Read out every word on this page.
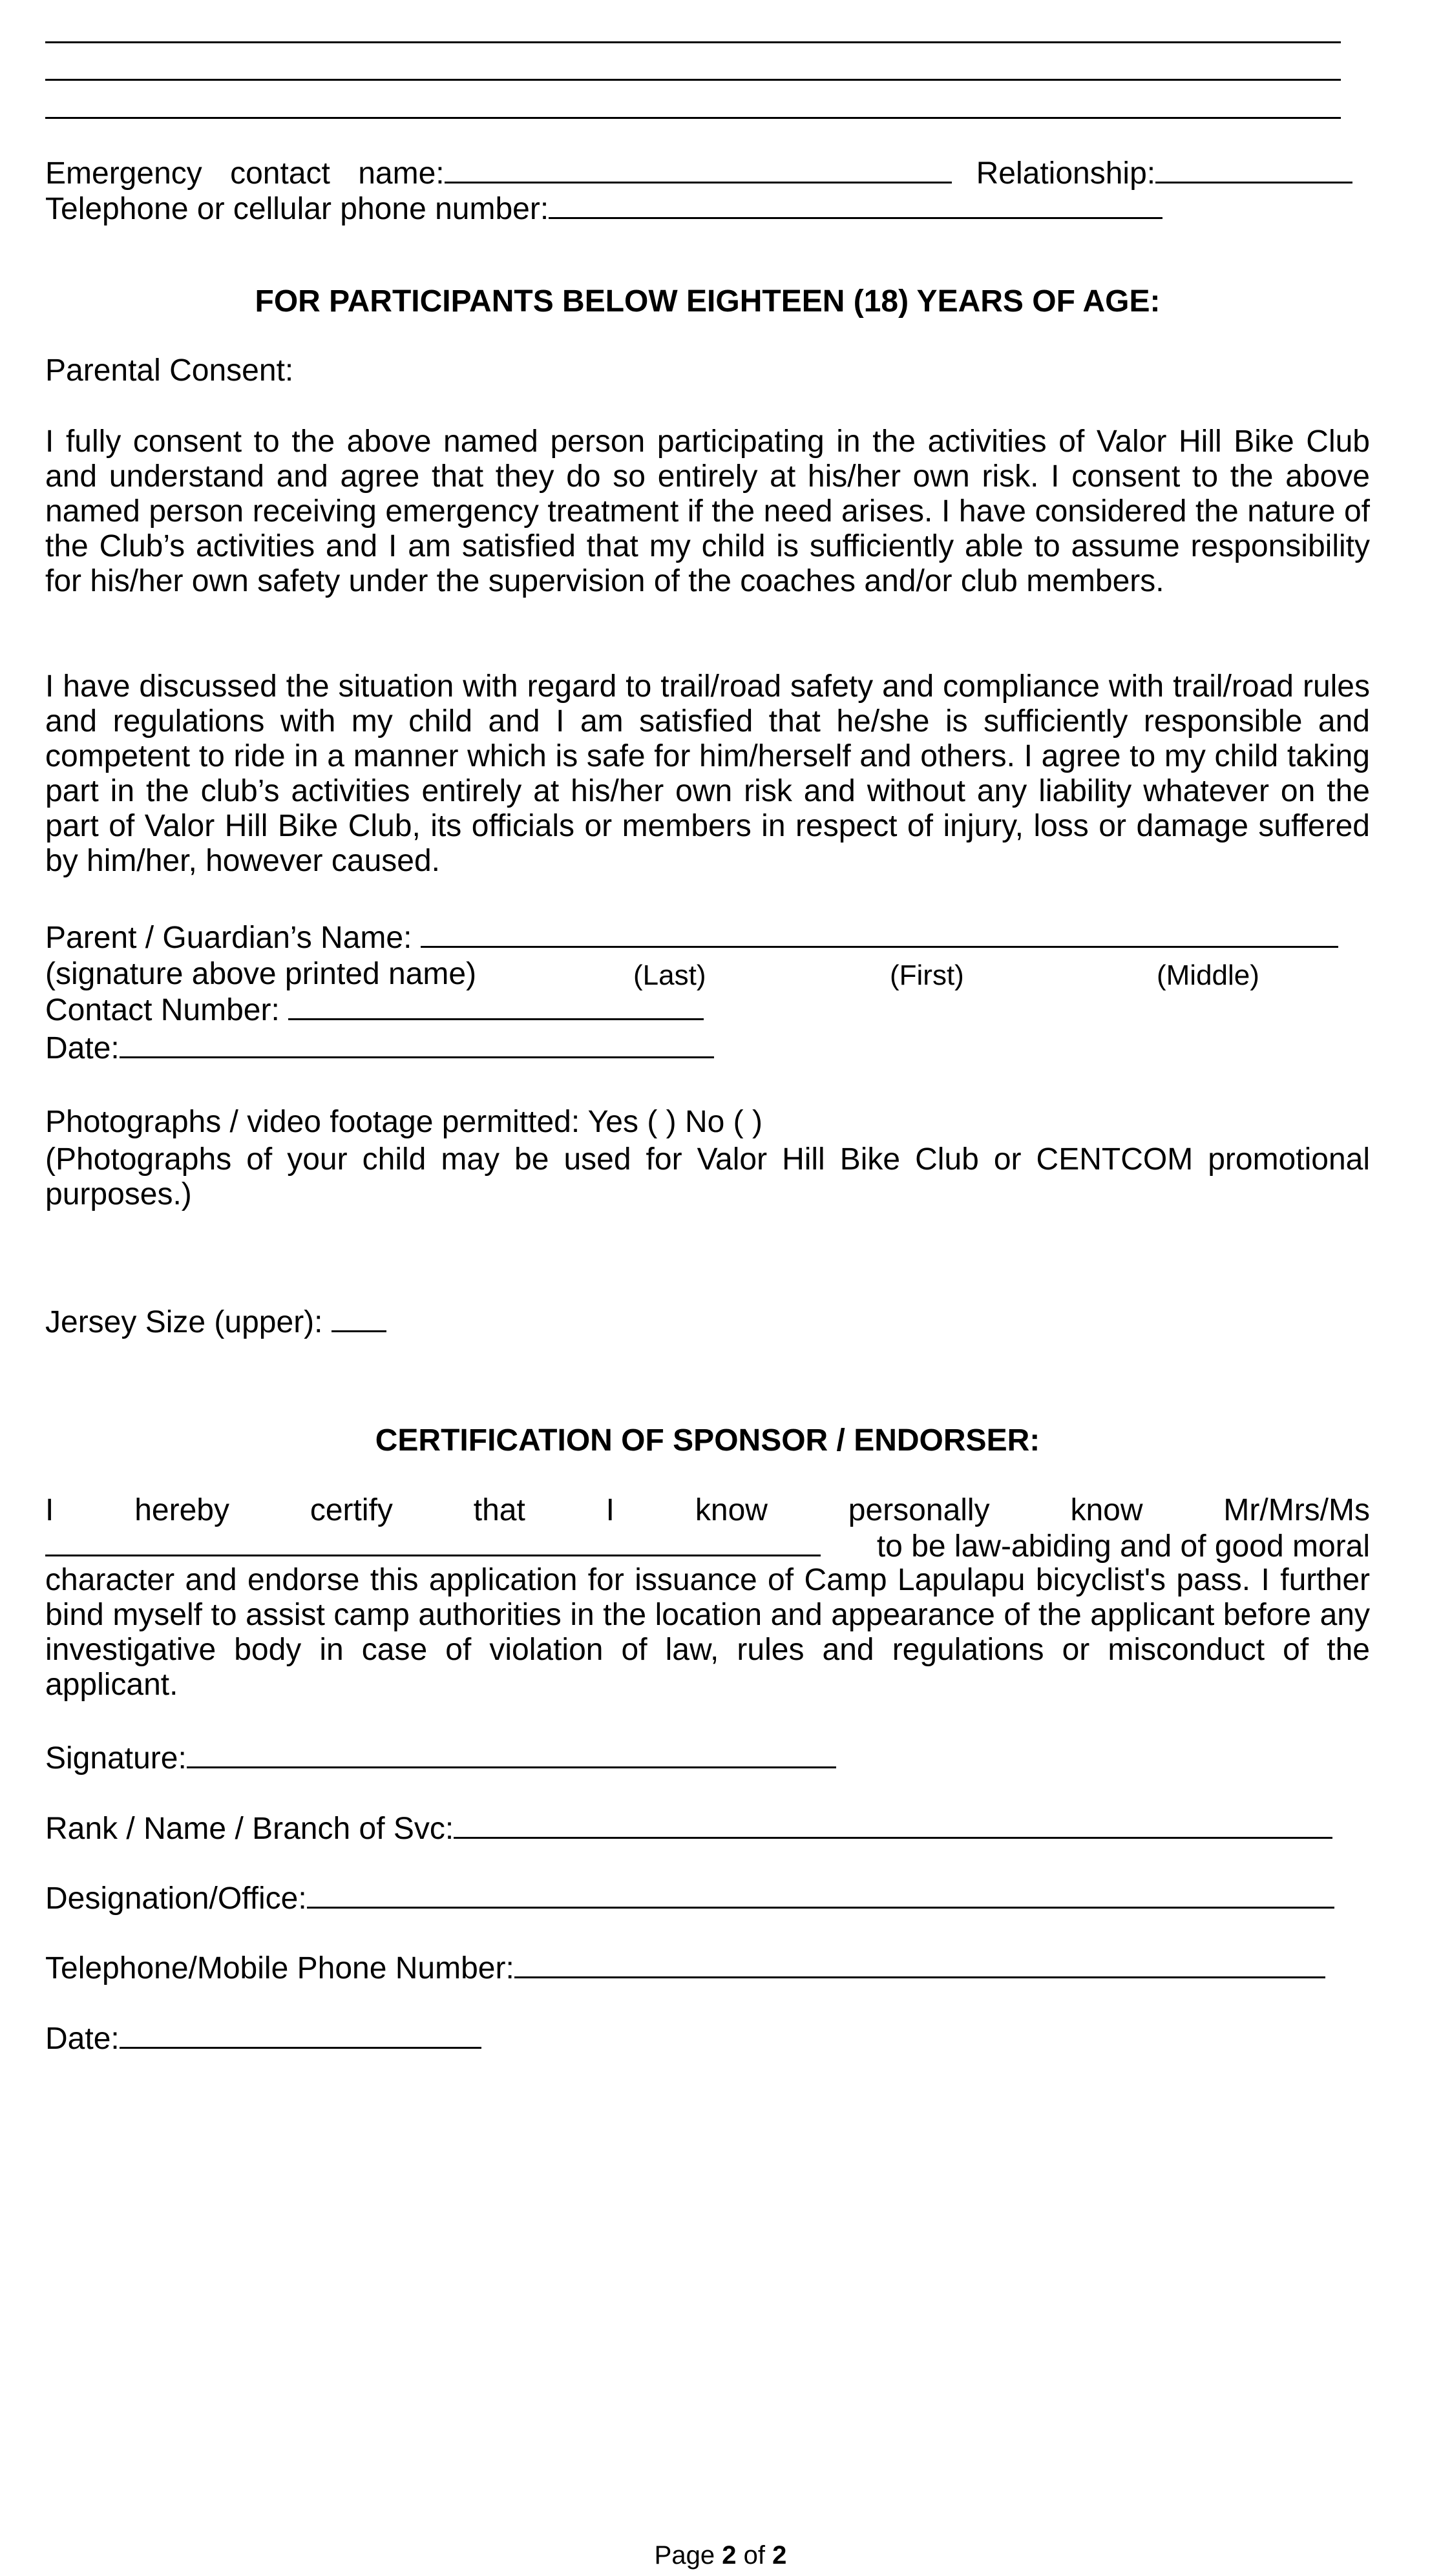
Emergency contact name:	Relationship:
Telephone or cellular phone number:
FOR PARTICIPANTS BELOW EIGHTEEN (18) YEARS OF AGE:
Parental Consent:
I fully consent to the above named person participating in the activities of Valor Hill Bike Club and understand and agree that they do so entirely at his/her own risk. I consent to the above named person receiving emergency treatment if the need arises. I have considered the nature of the Club’s activities and I am satisfied that my child is sufficiently able to assume responsibility for his/her own safety under the supervision of the coaches and/or club members.
I have discussed the situation with regard to trail/road safety and compliance with trail/road rules and regulations with my child and I am satisfied that he/she is sufficiently responsible and competent to ride in a manner which is safe for him/herself and others. I agree to my child taking part in the club’s activities entirely at his/her own risk and without any liability whatever on the part of Valor Hill Bike Club, its officials or members in respect of injury, loss or damage suffered by him/her, however caused.
Parent / Guardian’s Name:
(signature above printed name)	(Last)	(First)	(Middle)
Contact Number:
Date:
Photographs / video footage permitted: Yes ( ) No ( )
(Photographs of your child may be used for Valor Hill Bike Club or CENTCOM promotional purposes.)
Jersey Size (upper):
CERTIFICATION OF SPONSOR / ENDORSER:
I hereby certify that I know personally know Mr/Mrs/Ms
to be law-abiding and of good moral
character and endorse this application for issuance of Camp Lapulapu bicyclist's pass. I further bind myself to assist camp authorities in the location and appearance of the applicant before any investigative body in case of violation of law, rules and regulations or misconduct of the applicant.
Signature:
Rank / Name / Branch of Svc:
Designation/Office:
Telephone/Mobile Phone Number:
Date:
Page 2 of 2
